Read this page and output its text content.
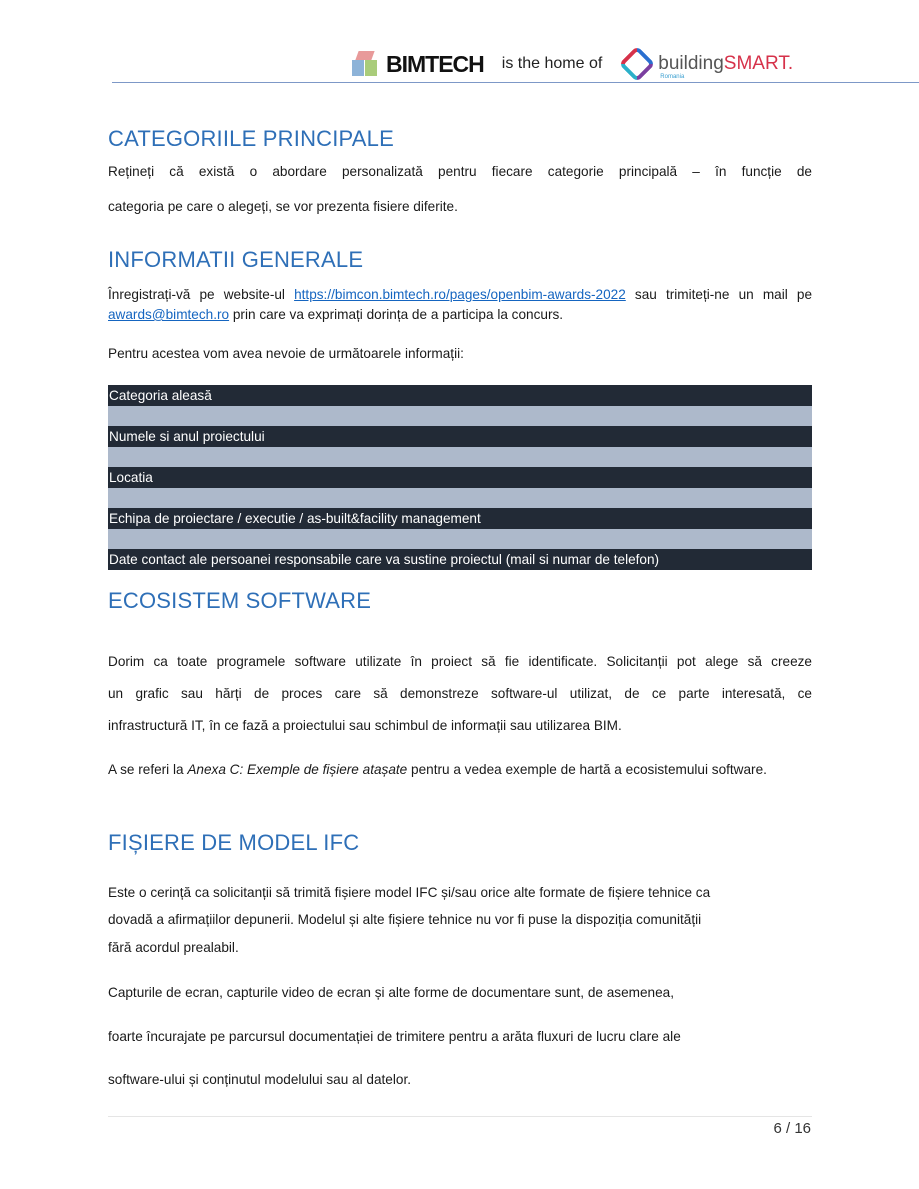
BIMTECH is the home of	buildingSMART.
Romania
CATEGORIILE PRINCIPALE
Rețineți că există o abordare personalizată pentru fiecare categorie principală – în funcție de
categoria pe care o alegeți, se vor prezenta fisiere diferite.
INFORMATII GENERALE
Înregistrați-vă pe website-ul https://bimcon.bimtech.ro/pages/openbim-awards-2022 sau trimiteți-ne un mail pe awards@bimtech.ro prin care va exprimați dorința de a participa la concurs.
Pentru acestea vom avea nevoie de următoarele informații:
Categoria aleasă

Numele si anul proiectului

Locatia

Echipa de proiectare / executie / as-built&facility management

Date contact ale persoanei responsabile care va sustine proiectul (mail si numar de telefon)
ECOSISTEM SOFTWARE
Dorim ca toate programele software utilizate în proiect să fie identificate. Solicitanții pot alege să creeze
un grafic sau hărți de proces care să demonstreze software-ul utilizat, de ce parte interesată, ce
infrastructură IT, în ce fază a proiectului sau schimbul de informații sau utilizarea BIM.
A se referi la Anexa C: Exemple de fișiere atașate pentru a vedea exemple de hartă a ecosistemului software.
FIȘIERE DE MODEL IFC
Este o cerință ca solicitanții să trimită fișiere model IFC și/sau orice alte formate de fișiere tehnice ca
dovadă a afirmațiilor depunerii. Modelul și alte fișiere tehnice nu vor fi puse la dispoziția comunității
fără acordul prealabil.
Capturile de ecran, capturile video de ecran și alte forme de documentare sunt, de asemenea,
foarte încurajate pe parcursul documentației de trimitere pentru a arăta fluxuri de lucru clare ale
software-ului și conținutul modelului sau al datelor.
6 / 16
